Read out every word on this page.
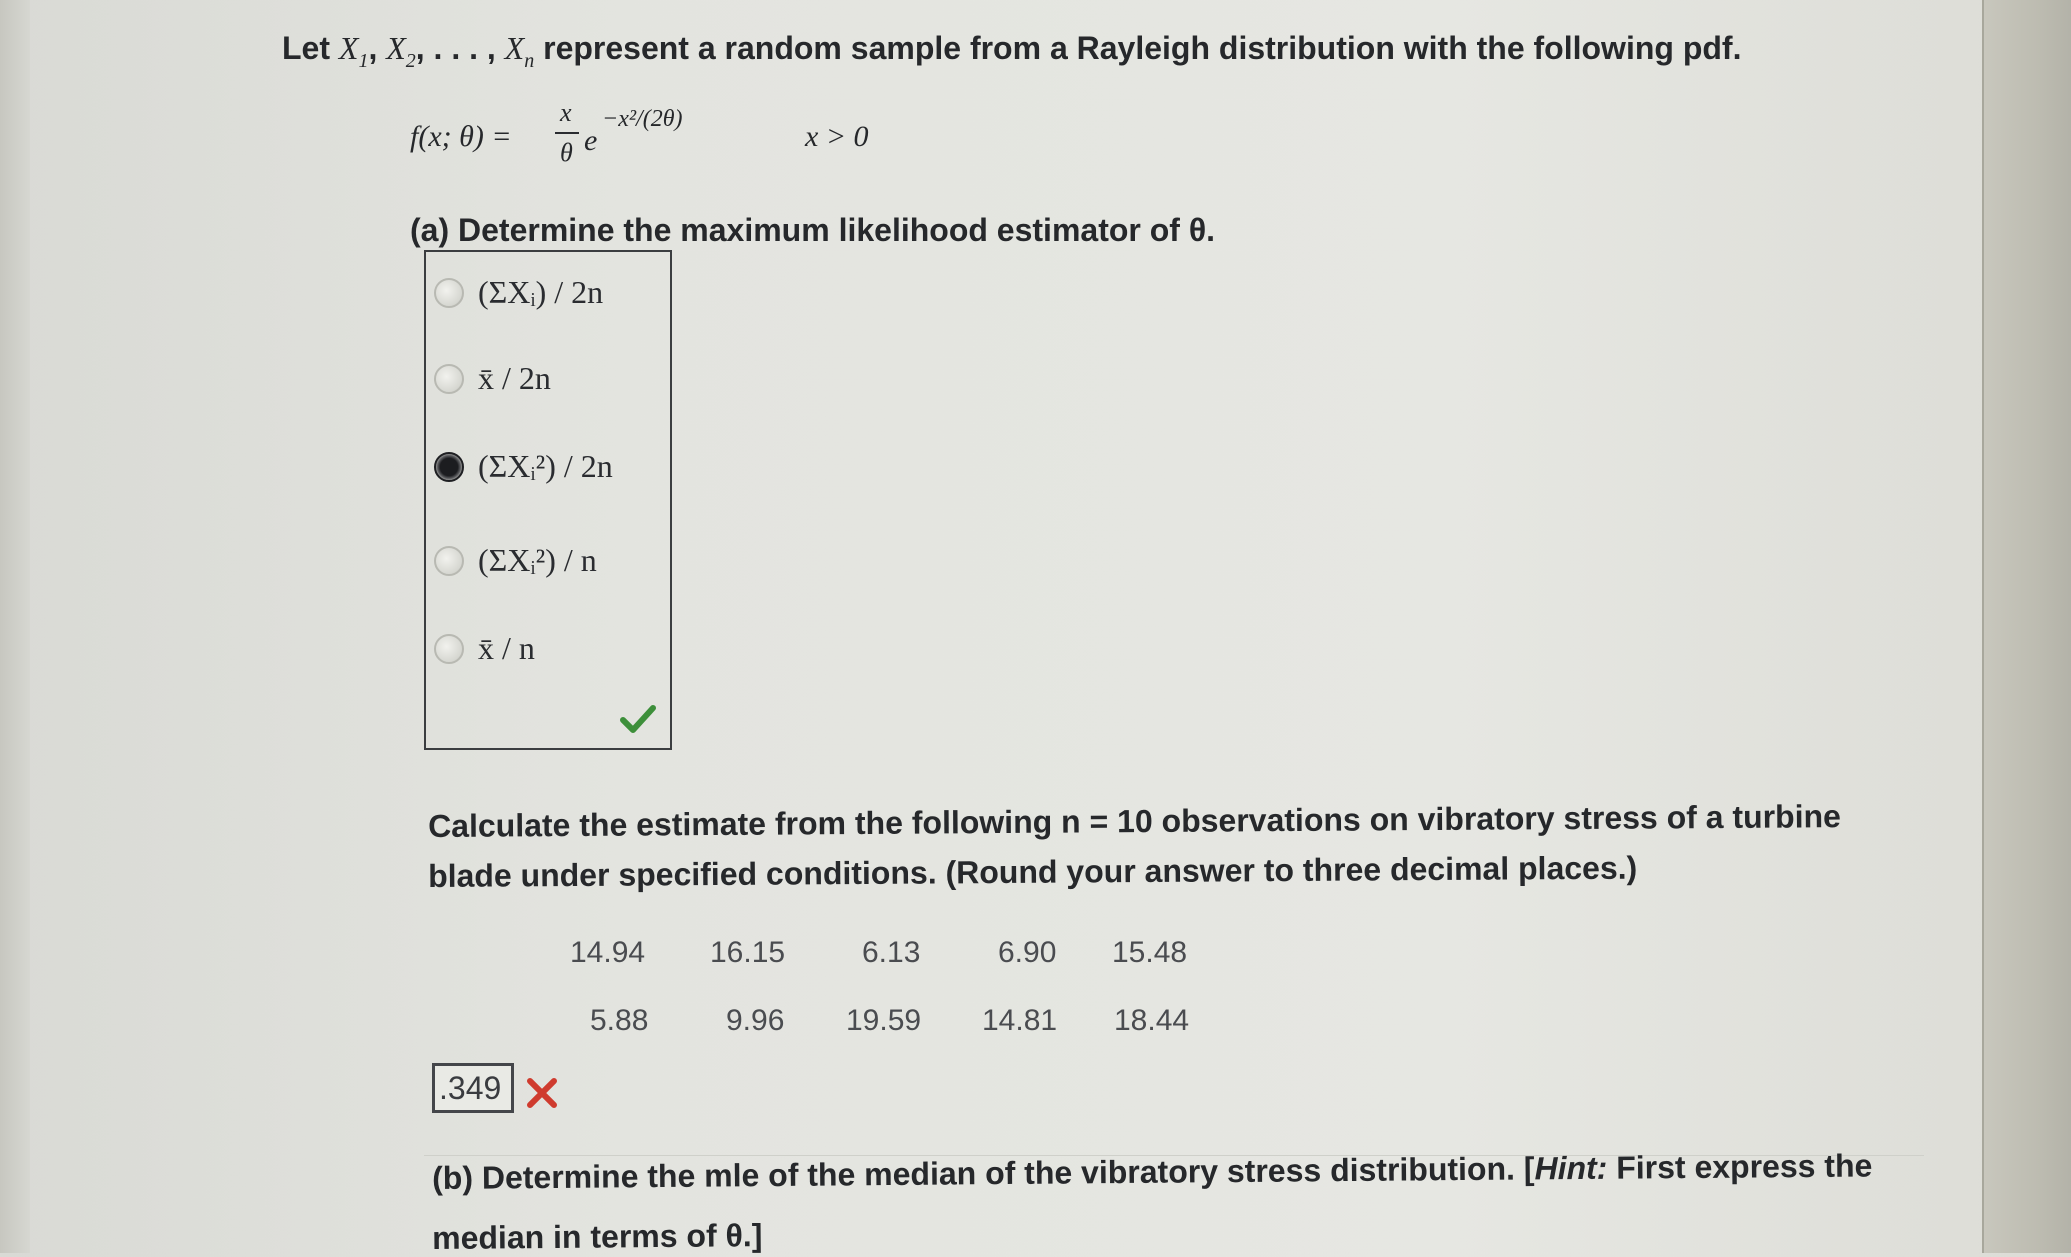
Let $X_1$, $X_2$, . . . , $X_n$ represent a random sample from a Rayleigh distribution with the following pdf.
f(x; θ) =
x
θ e
−x²/(2θ)
x > 0
(a) Determine the maximum likelihood estimator of θ.
(ΣXᵢ) / 2n
x̄ / 2n
(ΣXᵢ²) / 2n
(ΣXᵢ²) / n
x̄ / n
Calculate the estimate from the following n = 10 observations on vibratory stress of a turbine
blade under specified conditions. (Round your answer to three decimal places.)
14.94 16.15	6.13	6.90 15.48
5.88	9.96 19.59 14.81 18.44
.349
(b) Determine the mle of the median of the vibratory stress distribution. [Hint: First express the
median in terms of θ.]
